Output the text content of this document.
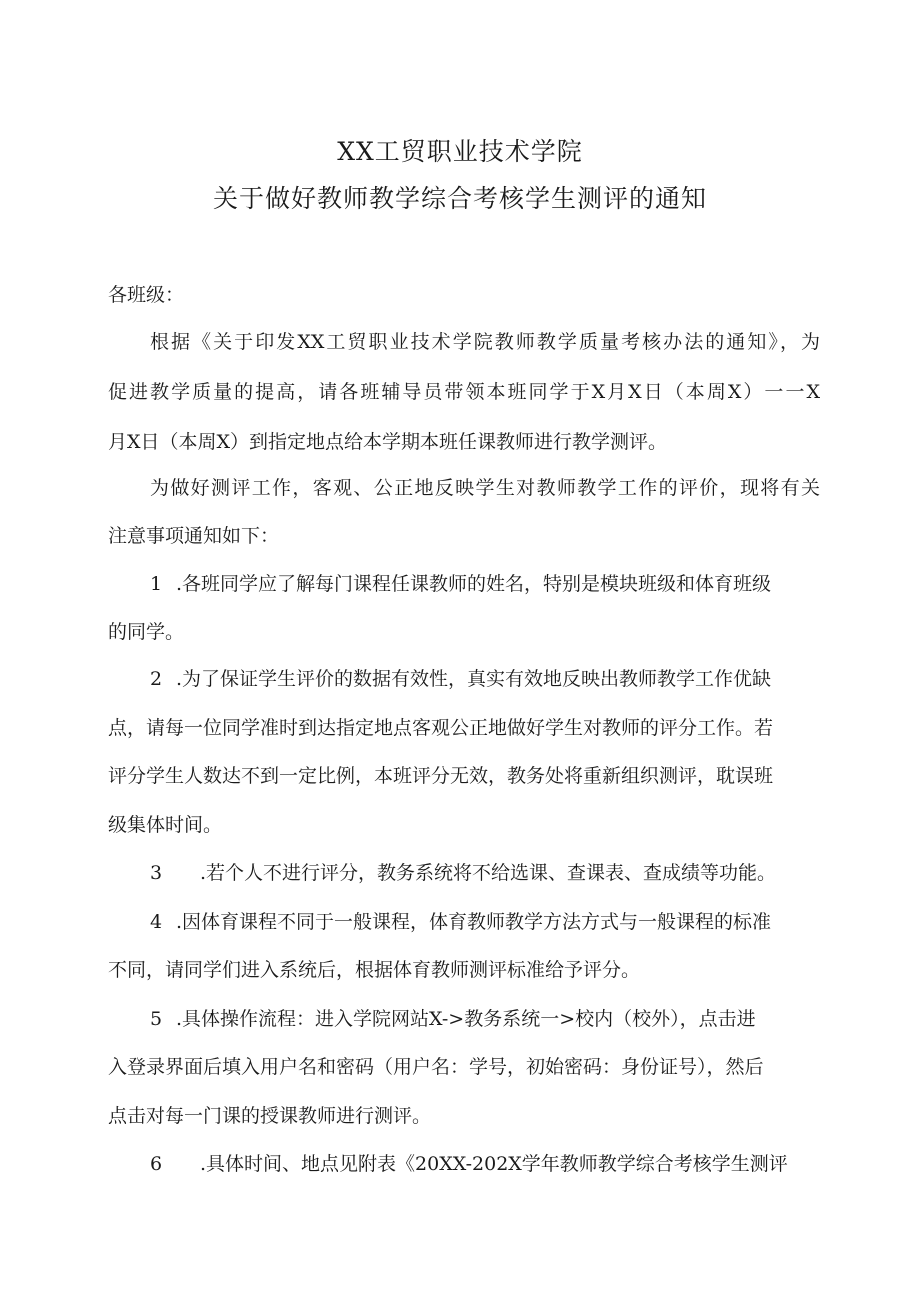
XX工贸职业技术学院
关于做好教师教学综合考核学生测评的通知
各班级：
根据《关于印发XX工贸职业技术学院教师教学质量考核办法的通知》，为
促进教学质量的提高，请各班辅导员带领本班同学于X月X日（本周X）一一X
月X日（本周X）到指定地点给本学期本班任课教师进行教学测评。
为做好测评工作，客观、公正地反映学生对教师教学工作的评价，现将有关
注意事项通知如下：
1 .各班同学应了解每门课程任课教师的姓名，特别是模块班级和体育班级
的同学。
2 .为了保证学生评价的数据有效性，真实有效地反映出教师教学工作优缺
点，请每一位同学准时到达指定地点客观公正地做好学生对教师的评分工作。若
评分学生人数达不到一定比例，本班评分无效，教务处将重新组织测评，耽误班
级集体时间。
3 .若个人不进行评分，教务系统将不给选课、查课表、查成绩等功能。
4 .因体育课程不同于一般课程，体育教师教学方法方式与一般课程的标准
不同，请同学们进入系统后，根据体育教师测评标准给予评分。
5 .具体操作流程：进入学院网站X->教务系统一>校内（校外），点击进
入登录界面后填入用户名和密码（用户名：学号，初始密码：身份证号），然后
点击对每一门课的授课教师进行测评。
6 .具体时间、地点见附表《20XX-202X学年教师教学综合考核学生测评
